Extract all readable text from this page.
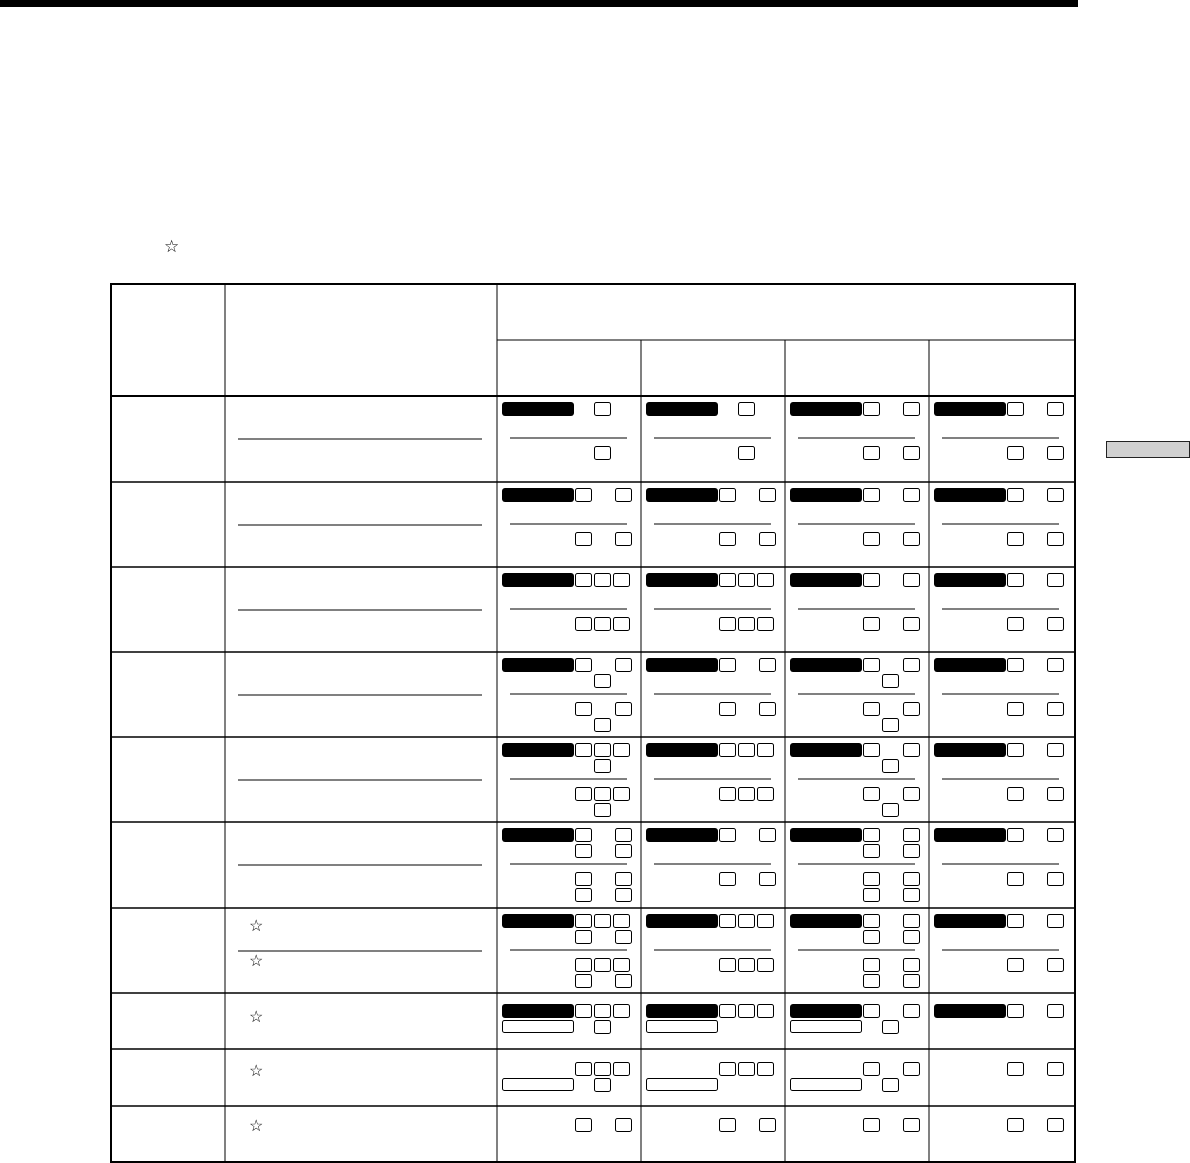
☆
☆
☆
☆
☆
☆
